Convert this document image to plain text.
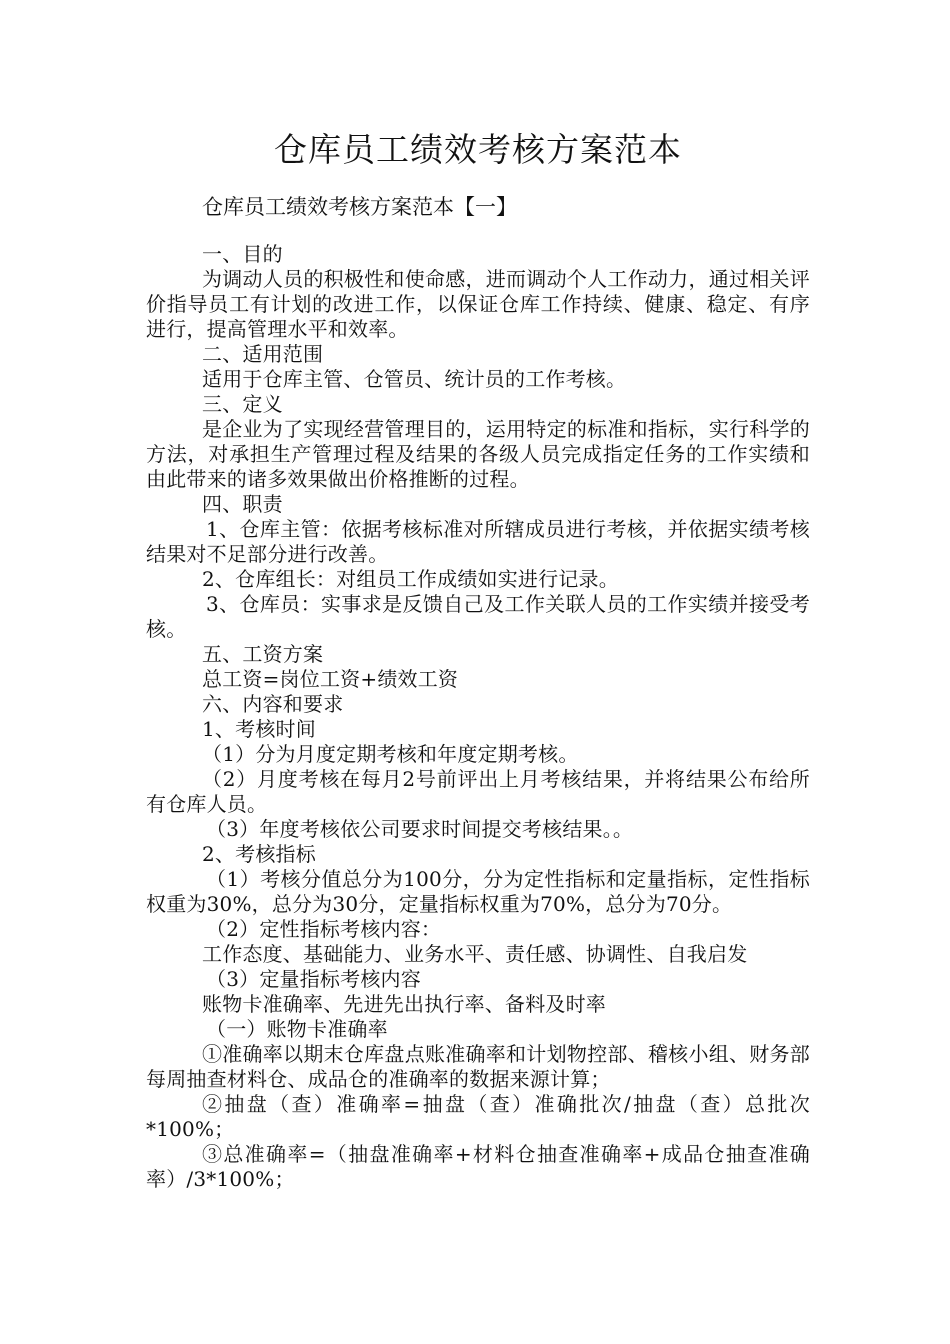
仓库员工绩效考核方案范本
仓库员工绩效考核方案范本【一】

一、目的

为调动人员的积极性和使命感，进而调动个人工作动力，通过相关评价指导员工有计划的改进工作，以保证仓库工作持续、健康、稳定、有序进行，提高管理水平和效率。

二、适用范围

适用于仓库主管、仓管员、统计员的工作考核。

三、定义

是企业为了实现经营管理目的，运用特定的标准和指标，实行科学的方法，对承担生产管理过程及结果的各级人员完成指定任务的工作实绩和由此带来的诸多效果做出价格推断的过程。

四、职责

1、仓库主管：依据考核标准对所辖成员进行考核，并依据实绩考核结果对不足部分进行改善。

2、仓库组长：对组员工作成绩如实进行记录。

3、仓库员：实事求是反馈自己及工作关联人员的工作实绩并接受考核。

五、工资方案

总工资=岗位工资+绩效工资

六、内容和要求

1、考核时间

（1）分为月度定期考核和年度定期考核。

（2）月度考核在每月2号前评出上月考核结果，并将结果公布给所有仓库人员。

（3）年度考核依公司要求时间提交考核结果。。

2、考核指标

（1）考核分值总分为100分，分为定性指标和定量指标，定性指标权重为30%，总分为30分，定量指标权重为70%，总分为70分。

（2）定性指标考核内容：

工作态度、基础能力、业务水平、责任感、协调性、自我启发

（3）定量指标考核内容

账物卡准确率、先进先出执行率、备料及时率

（一）账物卡准确率

①准确率以期末仓库盘点账准确率和计划物控部、稽核小组、财务部每周抽查材料仓、成品仓的准确率的数据来源计算；

②抽盘（查）准确率=抽盘（查）准确批次/抽盘（查）总批次*100%；

③总准确率=（抽盘准确率+材料仓抽查准确率+成品仓抽查准确率）/3*100%；
